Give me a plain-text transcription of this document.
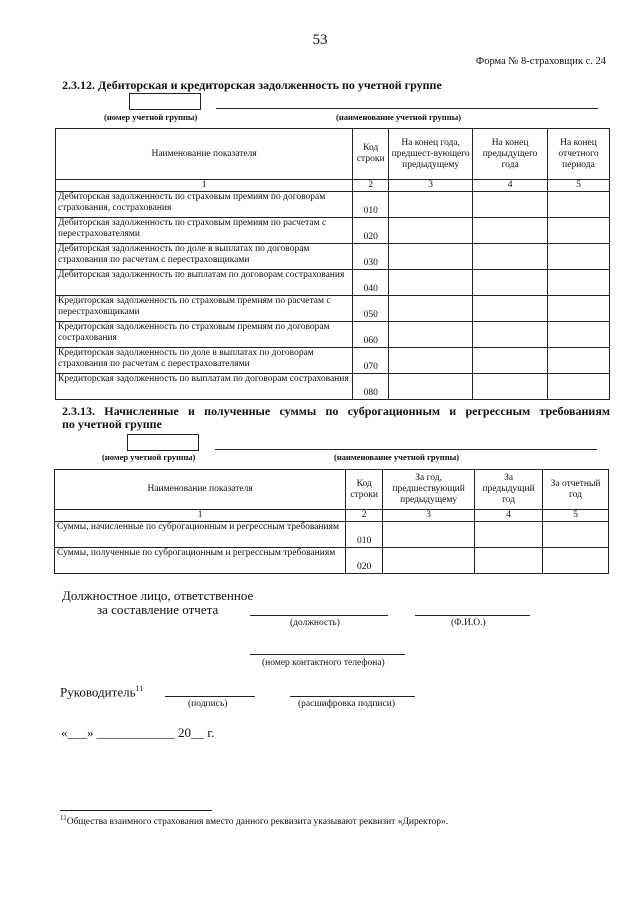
53
Форма № 8-страховщик с. 24
2.3.12. Дебиторская и кредиторская задолженность по учетной группе
(номер учетной группы)	(наименование учетной группы)
Наименование показателя	Код строки	На конец года, предшест-вующего предыдущему	На конец предыдущего года	На конец отчетного периода
1	2	3	4	5
Дебиторская задолженность по страховым премиям по договорам страхования, сострахования	010			
Дебиторская задолженность по страховым премиям по расчетам с перестрахователями	020			
Дебиторская задолженность по доле в выплатах по договорам страхования по расчетам с перестраховщиками	030			
Дебиторская задолженность по выплатам по договорам сострахования	040			
Кредиторская задолженность по страховым премиям по расчетам с перестраховщиками	050			
Кредиторская задолженность по страховым премиям по договорам сострахования	060			
Кредиторская задолженность по доле в выплатах по договорам страхования по расчетам с перестрахователями	070			
Кредиторская задолженность по выплатам по договорам сострахования	080			
2.3.13. Начисленные и полученные суммы по суброгационным и регрессным требованиям
по учетной группе
(номер учетной группы)	(наименование учетной группы)
Наименование показателя	Код строки	За год, предшествующий предыдущему	За предыдущий год	За отчетный год
1	2	3	4	5
Суммы, начисленные по суброгационным и регрессным требованиям	010			
Суммы, полученные по суброгационным и регрессным требованиям	020			
Должностное лицо, ответственное
за составление отчета
(должность)	(Ф.И.О.)
(номер контактного телефона)
Руководитель$^{11}$
(подпись)	(расшифровка подписи)
«___» ____________ 20__ г.
$^{11}$Общества взаимного страхования вместо данного реквизита указывают реквизит «Директор».
